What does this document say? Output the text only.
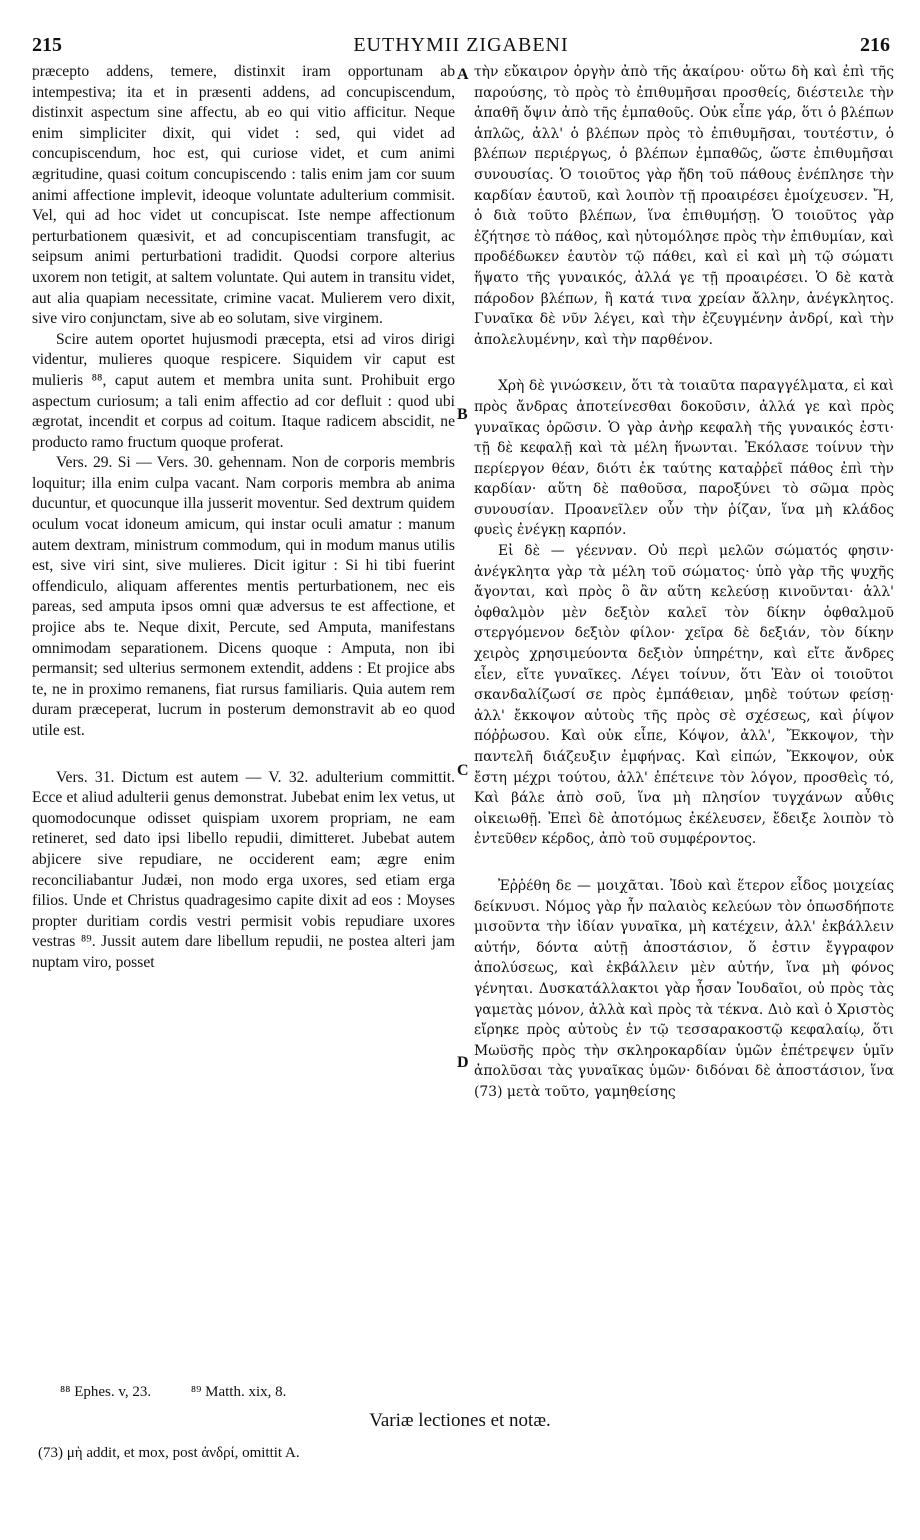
215	EUTHYMII ZIGABENI	216

præcepto addens, temere, distinxit iram opportunam ab intempestiva; ita et in præsenti addens, ad concupiscendum, distinxit aspectum sine affectu, ab eo qui vitio afficitur. Neque enim simpliciter dixit, qui videt : sed, qui videt ad concupiscendum, hoc est, qui curiose videt, et cum animi ægritudine, quasi coitum concupiscendo : talis enim jam cor suum animi affectione implevit, ideoque voluntate adulterium commisit. Vel, qui ad hoc videt ut concupiscat. Iste nempe affectionum perturbationem quæsivit, et ad concupiscentiam transfugit, ac seipsum animi perturbationi tradidit. Quodsi corpore alterius uxorem non tetigit, at saltem voluntate. Qui autem in transitu videt, aut alia quapiam necessitate, crimine vacat. Mulierem vero dixit, sive viro conjunctam, sive ab eo solutam, sive virginem.

Scire autem oportet hujusmodi præcepta, etsi ad viros dirigi videntur, mulieres quoque respicere. Siquidem vir caput est mulieris ⁸⁸, caput autem et membra unita sunt. Prohibuit ergo aspectum curiosum; a tali enim affectio ad cor defluit : quod ubi ægrotat, incendit et corpus ad coitum. Itaque radicem abscidit, ne producto ramo fructum quoque proferat.

Vers. 29. Si — Vers. 30. gehennam. Non de corporis membris loquitur; illa enim culpa vacant. Nam corporis membra ab anima ducuntur, et quocunque illa jusserit moventur. Sed dextrum quidem oculum vocat idoneum amicum, qui instar oculi amatur : manum autem dextram, ministrum commodum, qui in modum manus utilis est, sive viri sint, sive mulieres. Dicit igitur : Si hi tibi fuerint offendiculo, aliquam afferentes mentis perturbationem, nec eis pareas, sed amputa ipsos omni quæ adversus te est affectione, et projice abs te. Neque dixit, Percute, sed Amputa, manifestans omnimodam separationem. Dicens quoque : Amputa, non ibi permansit; sed ulterius sermonem extendit, addens : Et projice abs te, ne in proximo remanens, fiat rursus familiaris. Quia autem rem duram præceperat, lucrum in posterum demonstravit ab eo quod utile est.

Vers. 31. Dictum est autem — V. 32. adulterium committit. Ecce et aliud adulterii genus demonstrat. Jubebat enim lex vetus, ut quomodocunque odisset quispiam uxorem propriam, ne eam retineret, sed dato ipsi libello repudii, dimitteret. Jubebat autem abjicere sive repudiare, ne occiderent eam; ægre enim reconciliabantur Judæi, non modo erga uxores, sed etiam erga filios. Unde et Christus quadragesimo capite dixit ad eos : Moyses propter duritiam cordis vestri permisit vobis repudiare uxores vestras ⁸⁹. Jussit autem dare libellum repudii, ne postea alteri jam nuptam viro, posset

A
B
C
D

τὴν εὔκαιρον ὀργὴν ἀπὸ τῆς ἀκαίρου· οὕτω δὴ καὶ ἐπὶ τῆς παρούσης, τὸ πρὸς τὸ ἐπιθυμῆσαι προσθείς, διέστειλε τὴν ἀπαθῆ ὄψιν ἀπὸ τῆς ἐμπαθοῦς. Οὐκ εἶπε γάρ, ὅτι ὁ βλέπων ἁπλῶς, ἀλλ' ὁ βλέπων πρὸς τὸ ἐπιθυμῆσαι, τουτέστιν, ὁ βλέπων περιέργως, ὁ βλέπων ἐμπαθῶς, ὥστε ἐπιθυμῆσαι συνουσίας. Ὁ τοιοῦτος γὰρ ἤδη τοῦ πάθους ἐνέπλησε τὴν καρδίαν ἑαυτοῦ, καὶ λοιπὸν τῇ προαιρέσει ἐμοίχευσεν. Ἤ, ὁ διὰ τοῦτο βλέπων, ἵνα ἐπιθυμήσῃ. Ὁ τοιοῦτος γὰρ ἐζήτησε τὸ πάθος, καὶ ηὐτομόλησε πρὸς τὴν ἐπιθυμίαν, καὶ προδέδωκεν ἑαυτὸν τῷ πάθει, καὶ εἰ καὶ μὴ τῷ σώματι ἥψατο τῆς γυναικός, ἀλλά γε τῇ προαιρέσει. Ὁ δὲ κατὰ πάροδον βλέπων, ἢ κατά τινα χρείαν ἄλλην, ἀνέγκλητος. Γυναῖκα δὲ νῦν λέγει, καὶ τὴν ἐζευγμένην ἀνδρί, καὶ τὴν ἀπολελυμένην, καὶ τὴν παρθένον.

Χρὴ δὲ γινώσκειν, ὅτι τὰ τοιαῦτα παραγγέλματα, εἰ καὶ πρὸς ἄνδρας ἀποτείνεσθαι δοκοῦσιν, ἀλλά γε καὶ πρὸς γυναῖκας ὁρῶσιν. Ὁ γὰρ ἀνὴρ κεφαλὴ τῆς γυναικός ἐστι· τῇ δὲ κεφαλῇ καὶ τὰ μέλη ἥνωνται. Ἐκόλασε τοίνυν τὴν περίεργον θέαν, διότι ἐκ ταύτης καταῤῥεῖ πάθος ἐπὶ τὴν καρδίαν· αὕτη δὲ παθοῦσα, παροξύνει τὸ σῶμα πρὸς συνουσίαν. Προανεῖλεν οὖν τὴν ῥίζαν, ἵνα μὴ κλάδος φυεὶς ἐνέγκῃ καρπόν.

Εἰ δὲ — γέενναν. Οὐ περὶ μελῶν σώματός φησιν· ἀνέγκλητα γὰρ τὰ μέλη τοῦ σώματος· ὑπὸ γὰρ τῆς ψυχῆς ἄγονται, καὶ πρὸς ὃ ἂν αὕτη κελεύσῃ κινοῦνται· ἀλλ' ὀφθαλμὸν μὲν δεξιὸν καλεῖ τὸν δίκην ὀφθαλμοῦ στεργόμενον δεξιὸν φίλον· χεῖρα δὲ δεξιάν, τὸν δίκην χειρὸς χρησιμεύοντα δεξιὸν ὑπηρέτην, καὶ εἴτε ἄνδρες εἶεν, εἴτε γυναῖκες. Λέγει τοίνυν, ὅτι Ἐὰν οἱ τοιοῦτοι σκανδαλίζωσί σε πρὸς ἐμπάθειαν, μηδὲ τούτων φείσῃ· ἀλλ' ἔκκοψον αὐτοὺς τῆς πρὸς σὲ σχέσεως, καὶ ῥίψον πόῤῥωσου. Καὶ οὐκ εἶπε, Κόψον, ἀλλ', Ἔκκοψον, τὴν παντελῆ διάζευξιν ἐμφήνας. Καὶ εἰπών, Ἔκκοψον, οὐκ ἔστη μέχρι τούτου, ἀλλ' ἐπέτεινε τὸν λόγον, προσθεὶς τό, Καὶ βάλε ἀπὸ σοῦ, ἵνα μὴ πλησίον τυγχάνων αὖθις οἰκειωθῇ. Ἐπεὶ δὲ ἀποτόμως ἐκέλευσεν, ἔδειξε λοιπὸν τὸ ἐντεῦθεν κέρδος, ἀπὸ τοῦ συμφέροντος.

Ἐῤῥέθη δε — μοιχᾶται. Ἰδοὺ καὶ ἕτερον εἶδος μοιχείας δείκνυσι. Νόμος γὰρ ἦν παλαιὸς κελεύων τὸν ὁπωσδήποτε μισοῦντα τὴν ἰδίαν γυναῖκα, μὴ κατέχειν, ἀλλ' ἐκβάλλειν αὐτήν, δόντα αὐτῇ ἀποστάσιον, ὅ ἐστιν ἔγγραφον ἀπολύσεως, καὶ ἐκβάλλειν μὲν αὐτήν, ἵνα μὴ φόνος γένηται. Δυσκατάλλακτοι γὰρ ἦσαν Ἰουδαῖοι, οὐ πρὸς τὰς γαμετὰς μόνον, ἀλλὰ καὶ πρὸς τὰ τέκνα. Διὸ καὶ ὁ Χριστὸς εἴρηκε πρὸς αὐτοὺς ἐν τῷ τεσσαρακοστῷ κεφαλαίῳ, ὅτι Μωϋσῆς πρὸς τὴν σκληροκαρδίαν ὑμῶν ἐπέτρεψεν ὑμῖν ἀπολῦσαι τὰς γυναῖκας ὑμῶν· διδόναι δὲ ἀποστάσιον, ἵνα (73) μετὰ τοῦτο, γαμηθείσης

⁸⁸ Ephes. v, 23.	⁸⁹ Matth. xix, 8.
Variæ lectiones et notæ.
(73) μὴ addit, et mox, post ἀνδρί, omittit A.
